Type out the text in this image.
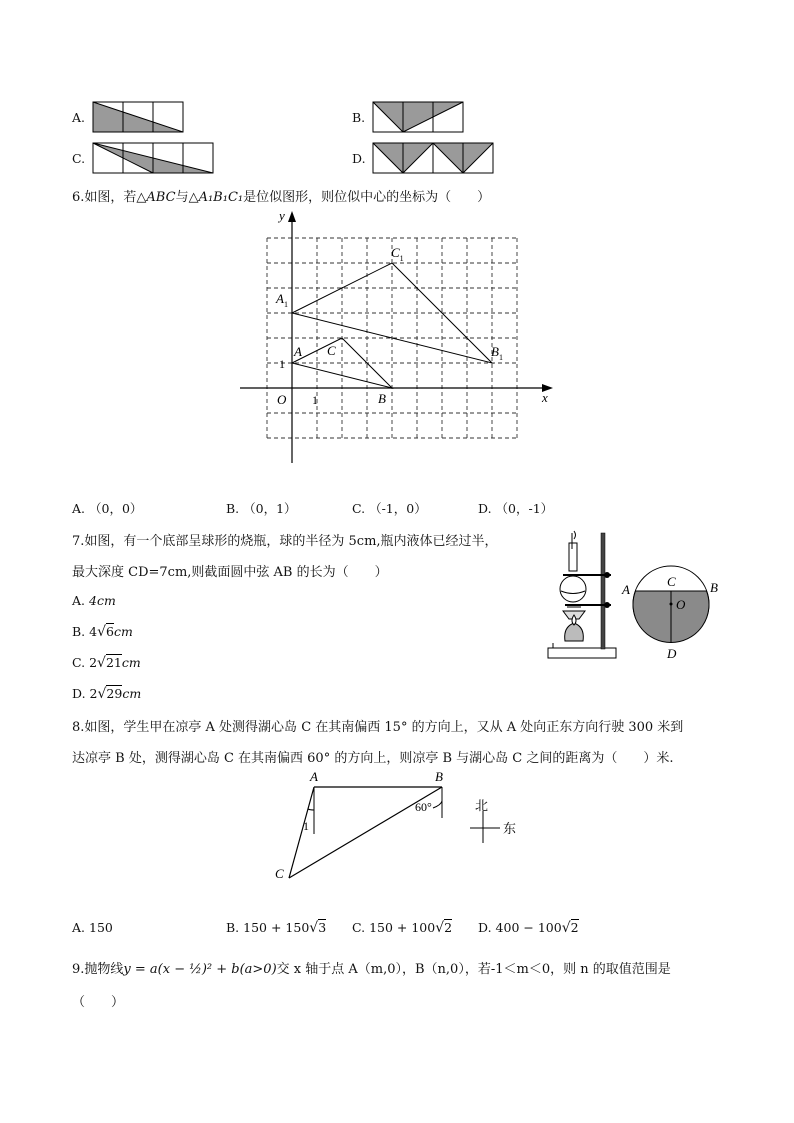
A.	B.
C.	D.
6.如图，若△ABC与△A₁B₁C₁是位似图形，则位似中心的坐标为（　　）
x
y
O 1
1
A C
B
$A_1$
$C_1$
$B_1$
A. （0，0）	B. （0，1）	C. （-1，0）	D. （0，-1）
7.如图，有一个底部呈球形的烧瓶，球的半径为 5cm,瓶内液体已经过半，
最大深度 CD=7cm,则截面圆中弦 AB 的长为（　　）
A. 4cm
B. 4√6cm
C. 2√21cm
D. 2√29cm
A	B
C
O
D
8.如图，学生甲在凉亭 A 处测得湖心岛 C 在其南偏西 15° 的方向上，又从 A 处向正东方向行驶 300 米到
达凉亭 B 处，测得湖心岛 C 在其南偏西 60° 的方向上，则凉亭 B 与湖心岛 C 之间的距离为（　　）米.
A	B
C
1
60°	北
东
A. 150	B. 150 + 150√3 C. 150 + 100√2 D. 400 − 100√2
9.抛物线y = a(x − ½)² + b(a>0)交 x 轴于点 A（m,0），B（n,0），若-1＜m＜0，则 n 的取值范围是
（　　）
